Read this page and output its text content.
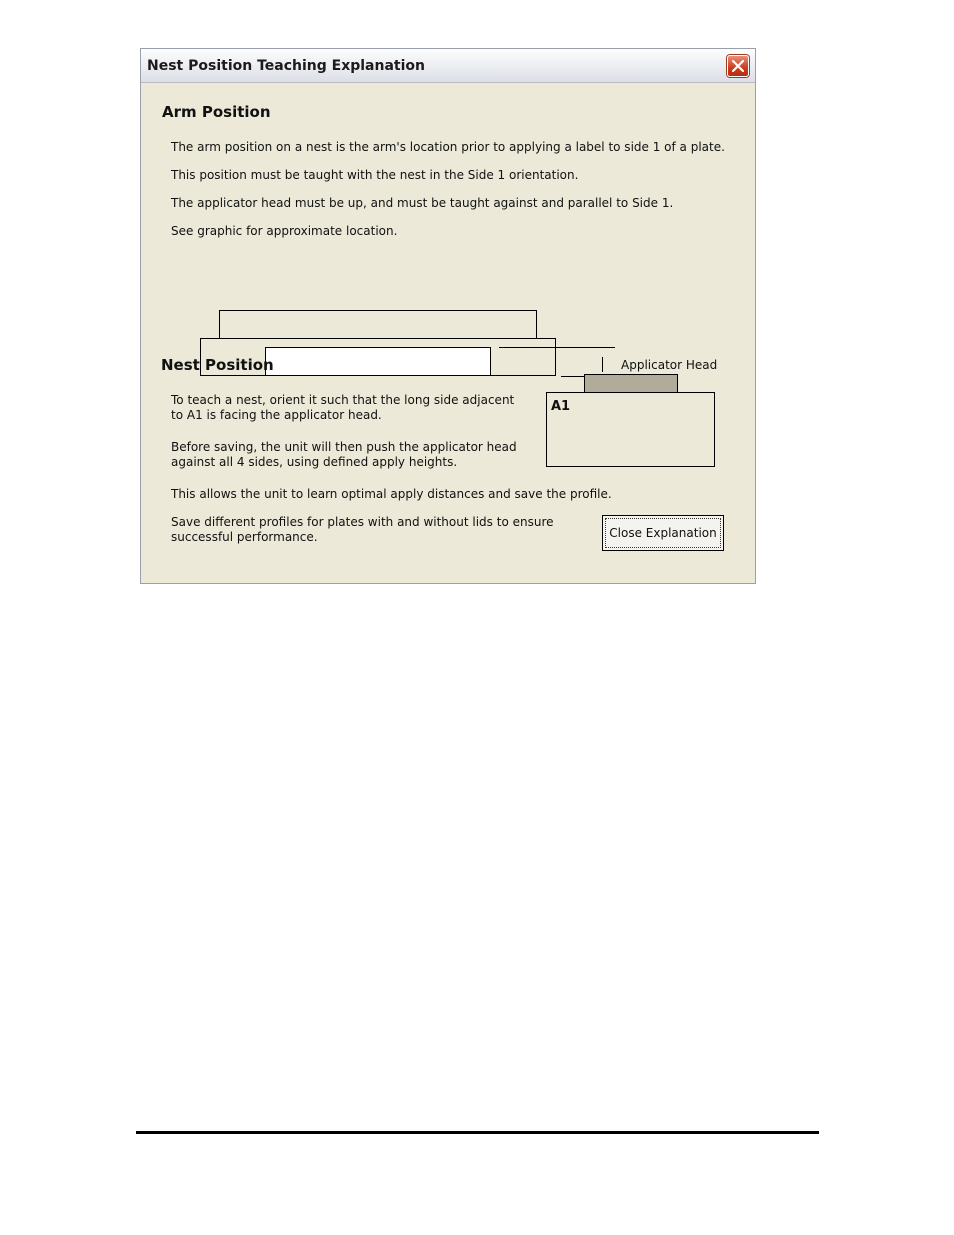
Nest Position Teaching Explanation
Arm Position
The arm position on a nest is the arm's location prior to applying a label to side 1 of a plate.
This position must be taught with the nest in the Side 1 orientation.
The applicator head must be up, and must be taught against and parallel to Side 1.
See graphic for approximate location.
Applicator Head
Nest Position
To teach a nest, orient it such that the long side adjacent
to A1 is facing the applicator head.
Before saving, the unit will then push the applicator head
against all 4 sides, using defined apply heights.
This allows the unit to learn optimal apply distances and save the profile.
Save different profiles for plates with and without lids to ensure
successful performance.
A1
Close Explanation
